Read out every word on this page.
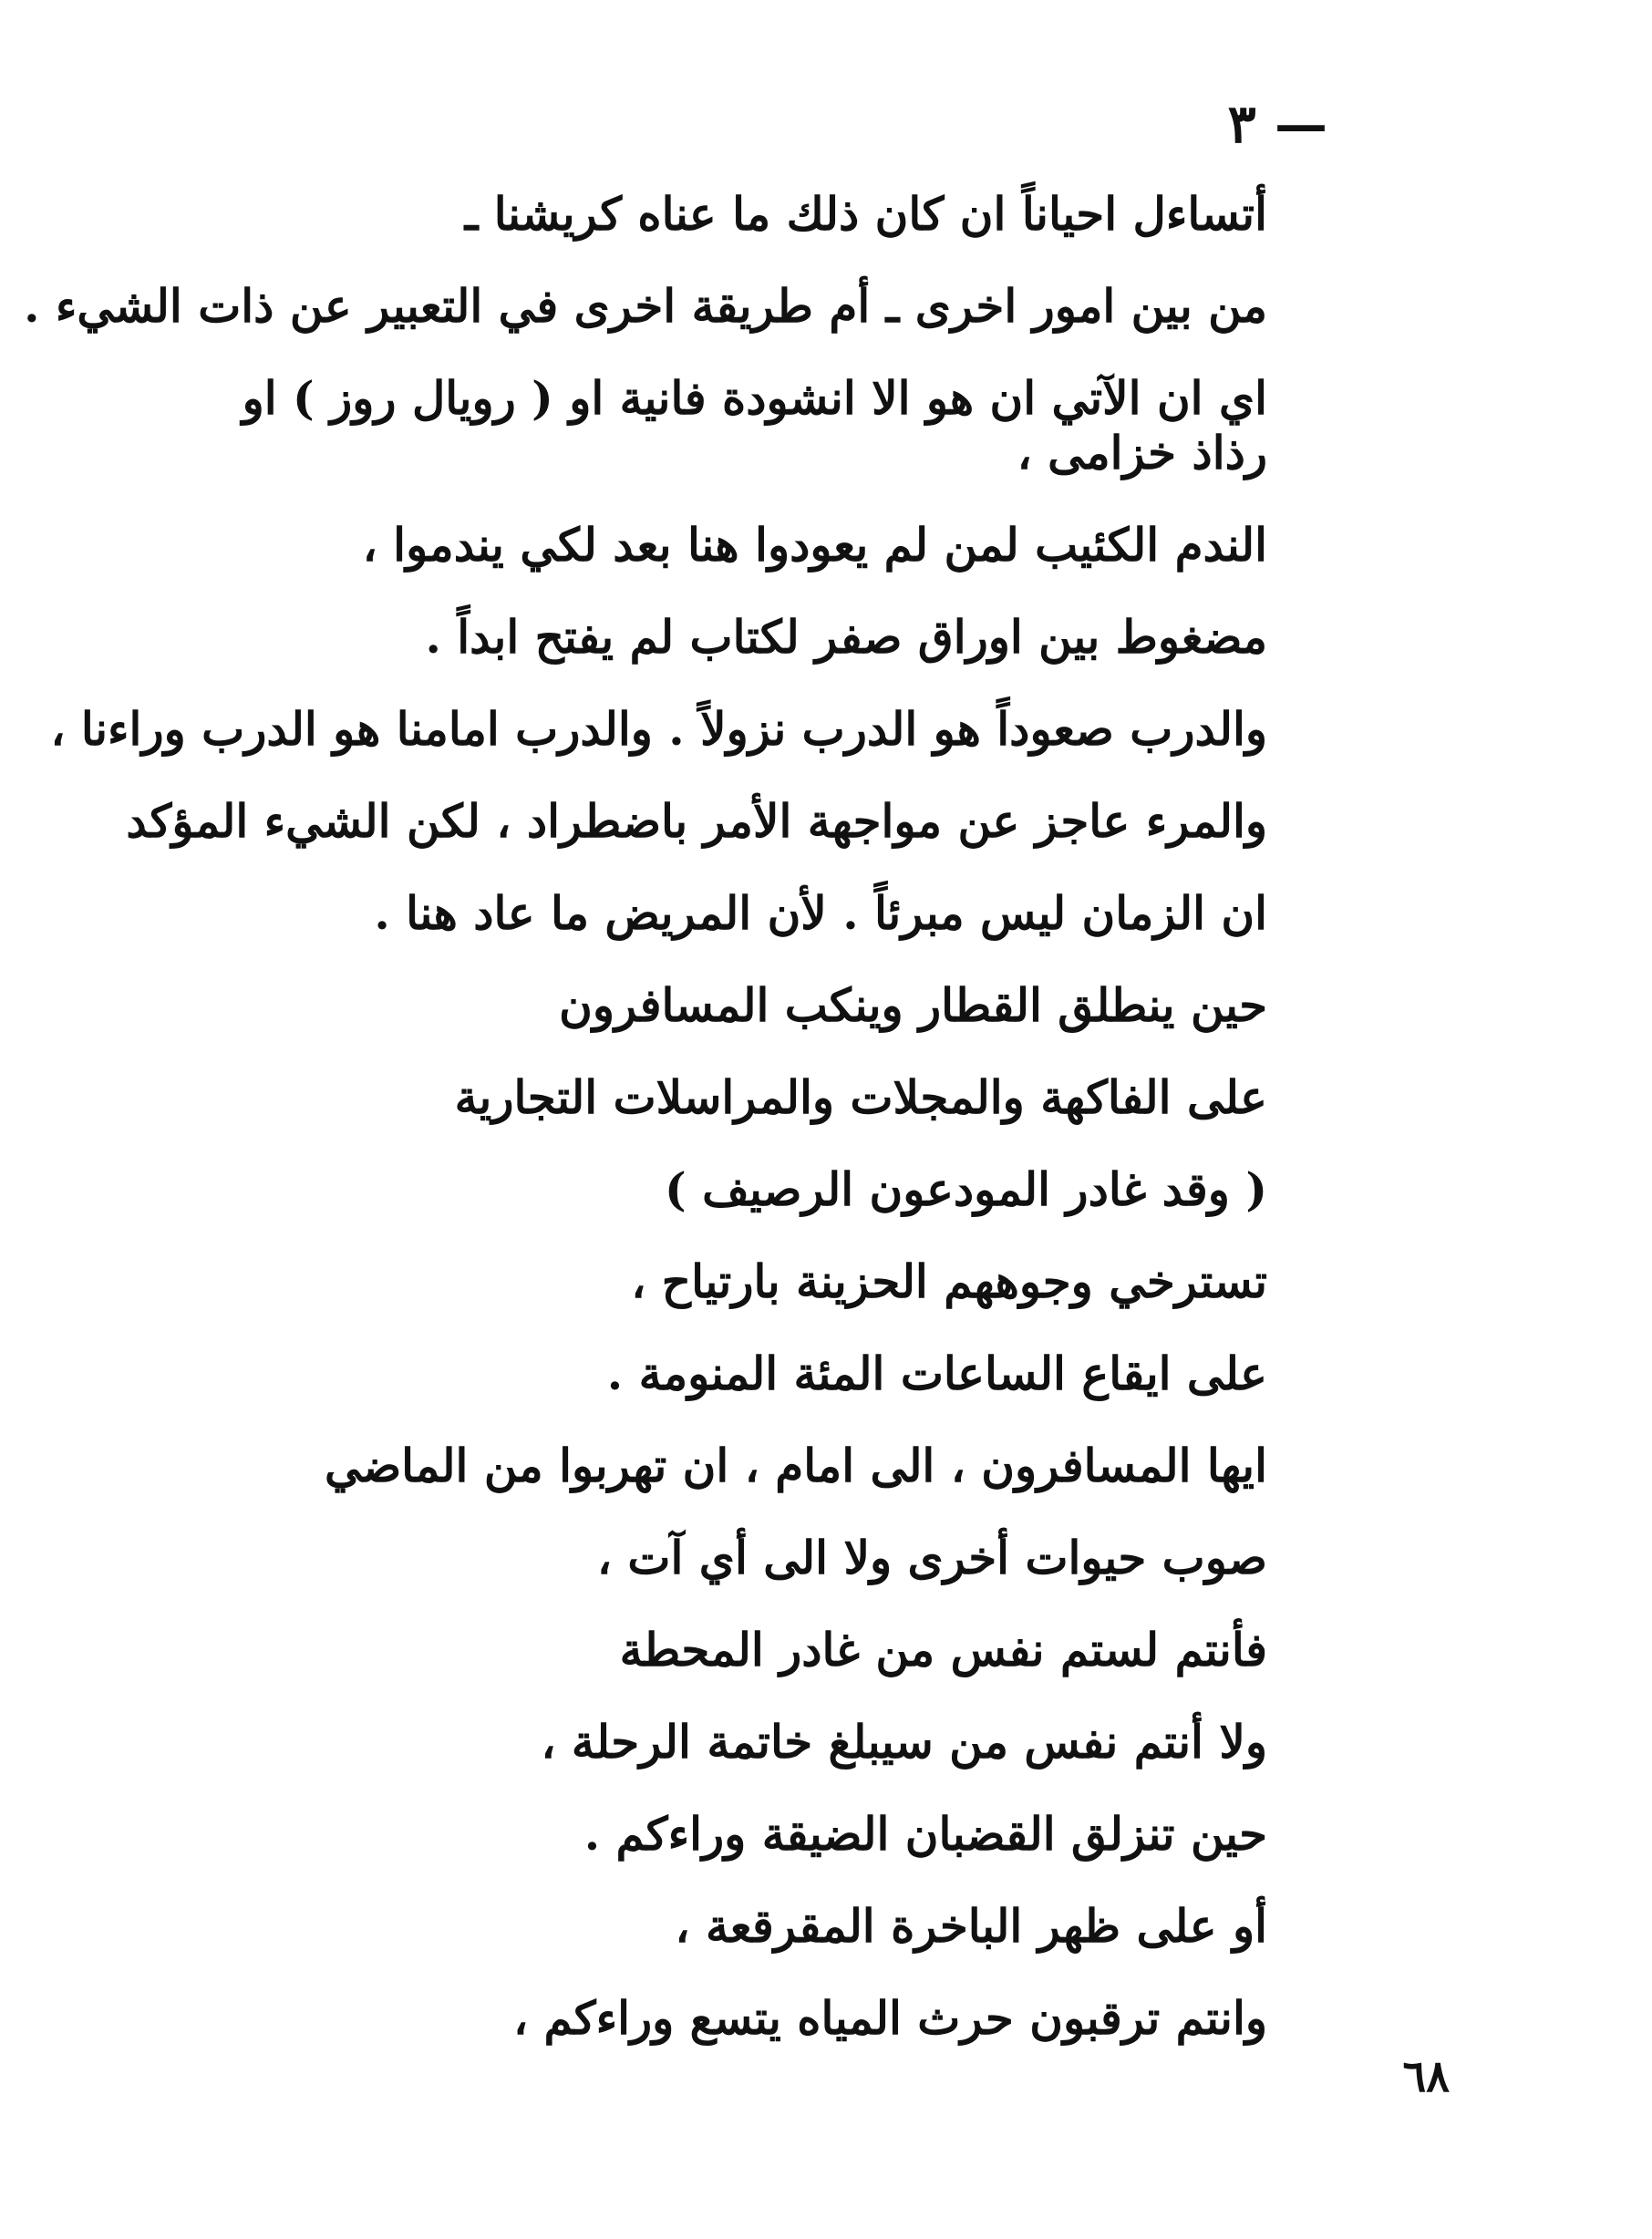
— ٣

أتساءل احياناً ان كان ذلك ما عناه كريشنا ـ

من بين امور اخرى ـ أم طريقة اخرى في التعبير عن ذات الشيء .

اي ان الآتي ان هو الا انشودة فانية او ( رويال روز ) او رذاذ خزامى ،

الندم الكئيب لمن لم يعودوا هنا بعد لكي يندموا ،

مضغوط بين اوراق صفر لكتاب لم يفتح ابداً .

والدرب صعوداً هو الدرب نزولاً . والدرب امامنا هو الدرب وراءنا ،

والمرء عاجز عن مواجهة الأمر باضطراد ، لكن الشيء المؤكد

ان الزمان ليس مبرئاً . لأن المريض ما عاد هنا .

حين ينطلق القطار وينكب المسافرون

على الفاكهة والمجلات والمراسلات التجارية

( وقد غادر المودعون الرصيف )

تسترخي وجوههم الحزينة بارتياح ،

على ايقاع الساعات المئة المنومة .

ايها المسافرون ، الى امام ، ان تهربوا من الماضي

صوب حيوات أخرى ولا الى أي آت ،

فأنتم لستم نفس من غادر المحطة

ولا أنتم نفس من سيبلغ خاتمة الرحلة ،

حين تنزلق القضبان الضيقة وراءكم .

أو على ظهر الباخرة المقرقعة ،

وانتم ترقبون حرث المياه يتسع وراءكم ،

٦٨
